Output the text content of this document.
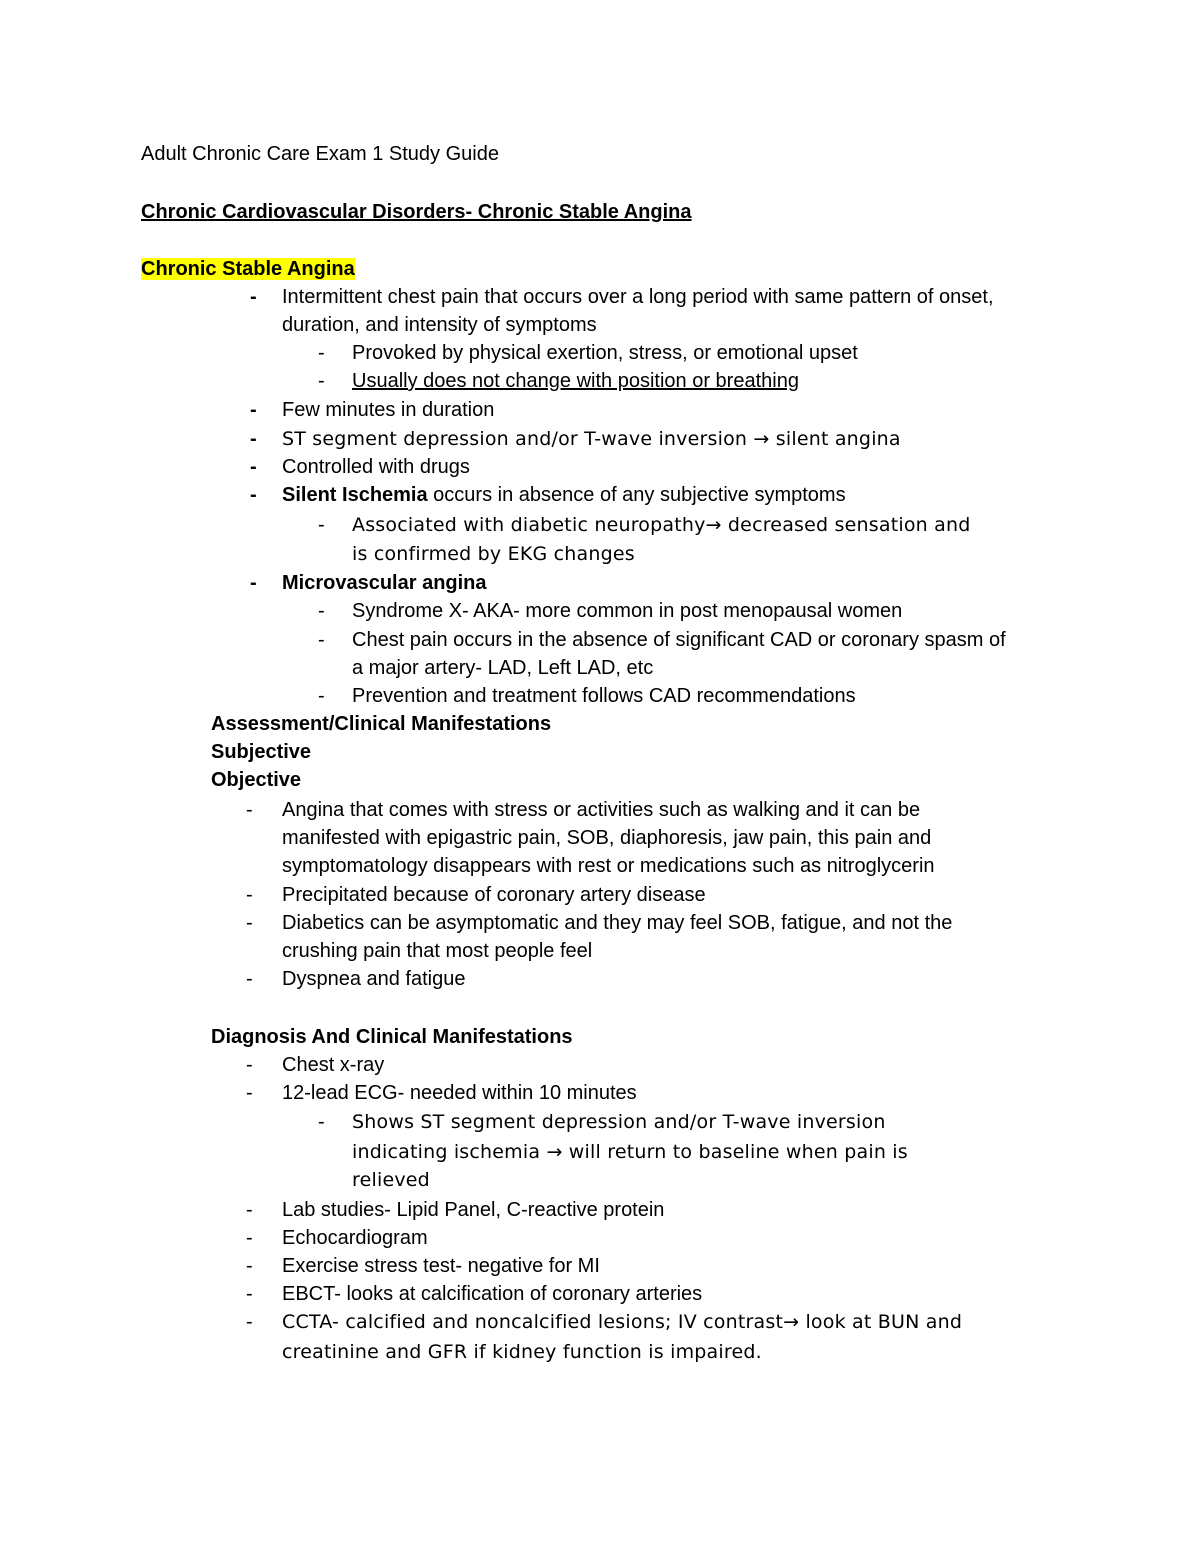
Adult Chronic Care Exam 1 Study Guide
Chronic Cardiovascular Disorders- Chronic Stable Angina
Chronic Stable Angina
- Intermittent chest pain that occurs over a long period with same pattern of onset,
duration, and intensity of symptoms
- Provoked by physical exertion, stress, or emotional upset
- Usually does not change with position or breathing
- Few minutes in duration
- ST segment depression and/or T-wave inversion → silent angina
- Controlled with drugs
- Silent Ischemia occurs in absence of any subjective symptoms
- Associated with diabetic neuropathy→ decreased sensation and
is confirmed by EKG changes
- Microvascular angina
- Syndrome X- AKA- more common in post menopausal women
- Chest pain occurs in the absence of significant CAD or coronary spasm of
a major artery- LAD, Left LAD, etc
- Prevention and treatment follows CAD recommendations
Assessment/Clinical Manifestations
Subjective
Objective
- Angina that comes with stress or activities such as walking and it can be
manifested with epigastric pain, SOB, diaphoresis, jaw pain, this pain and
symptomatology disappears with rest or medications such as nitroglycerin
- Precipitated because of coronary artery disease
- Diabetics can be asymptomatic and they may feel SOB, fatigue, and not the
crushing pain that most people feel
- Dyspnea and fatigue
Diagnosis And Clinical Manifestations
- Chest x-ray
- 12-lead ECG- needed within 10 minutes
- Shows ST segment depression and/or T-wave inversion
indicating ischemia → will return to baseline when pain is
relieved
- Lab studies- Lipid Panel, C-reactive protein
- Echocardiogram
- Exercise stress test- negative for MI
- EBCT- looks at calcification of coronary arteries
- CCTA- calcified and noncalcified lesions; IV contrast→ look at BUN and
creatinine and GFR if kidney function is impaired.
